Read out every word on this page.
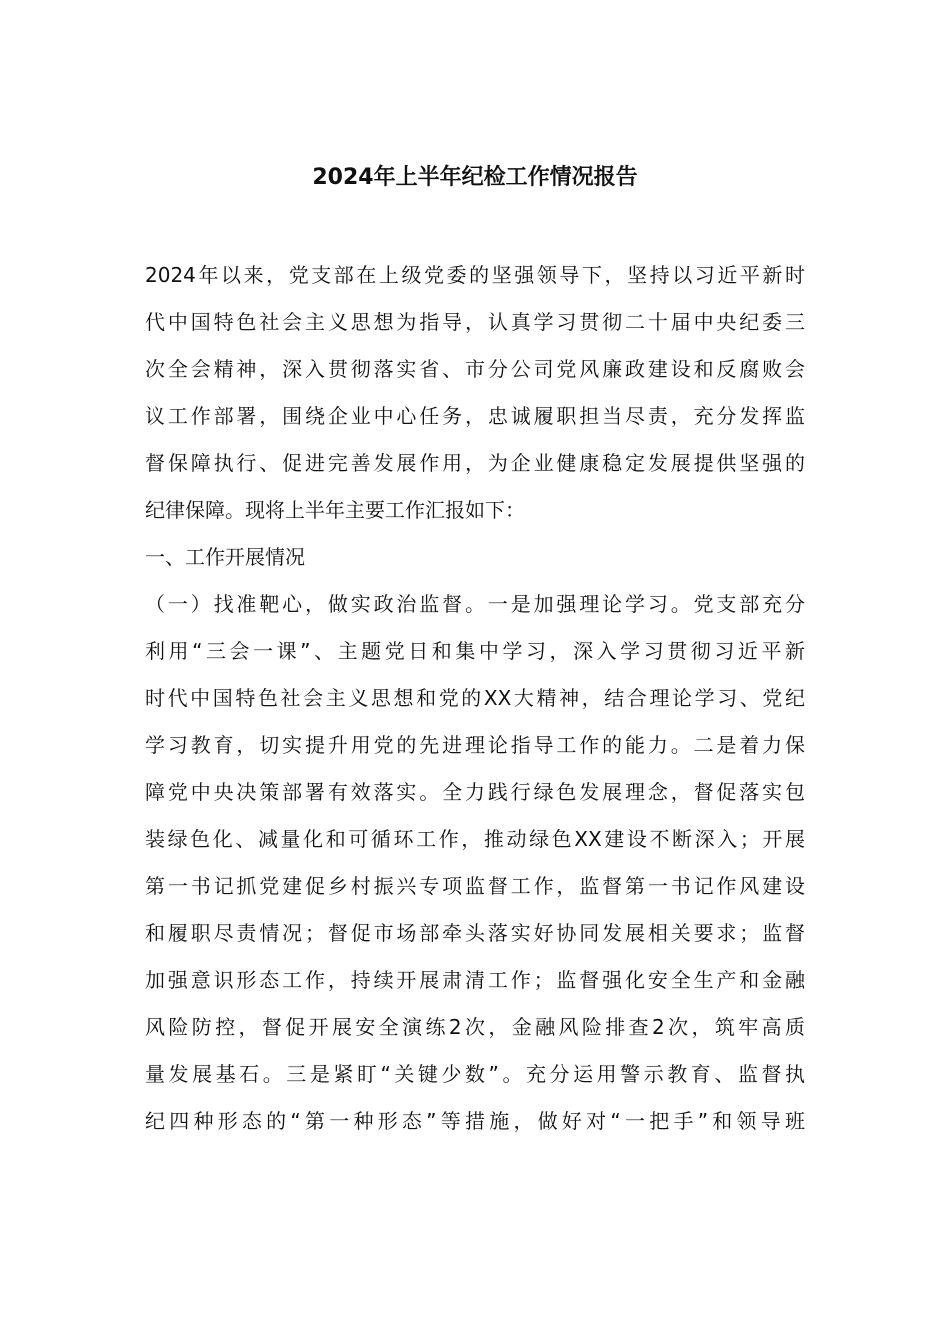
2024年上半年纪检工作情况报告
2024年以来，党支部在上级党委的坚强领导下，坚持以习近平新时
代中国特色社会主义思想为指导，认真学习贯彻二十届中央纪委三
次全会精神，深入贯彻落实省、市分公司党风廉政建设和反腐败会
议工作部署，围绕企业中心任务，忠诚履职担当尽责，充分发挥监
督保障执行、促进完善发展作用，为企业健康稳定发展提供坚强的
纪律保障。现将上半年主要工作汇报如下：
一、工作开展情况
（一）找准靶心，做实政治监督。一是加强理论学习。党支部充分
利用“三会一课”、主题党日和集中学习，深入学习贯彻习近平新
时代中国特色社会主义思想和党的XX大精神，结合理论学习、党纪
学习教育，切实提升用党的先进理论指导工作的能力。二是着力保
障党中央决策部署有效落实。全力践行绿色发展理念，督促落实包
装绿色化、减量化和可循环工作，推动绿色XX建设不断深入；开展
第一书记抓党建促乡村振兴专项监督工作，监督第一书记作风建设
和履职尽责情况；督促市场部牵头落实好协同发展相关要求；监督
加强意识形态工作，持续开展肃清工作；监督强化安全生产和金融
风险防控，督促开展安全演练2次，金融风险排查2次，筑牢高质
量发展基石。三是紧盯“关键少数”。充分运用警示教育、监督执
纪四种形态的“第一种形态”等措施，做好对“一把手”和领导班
